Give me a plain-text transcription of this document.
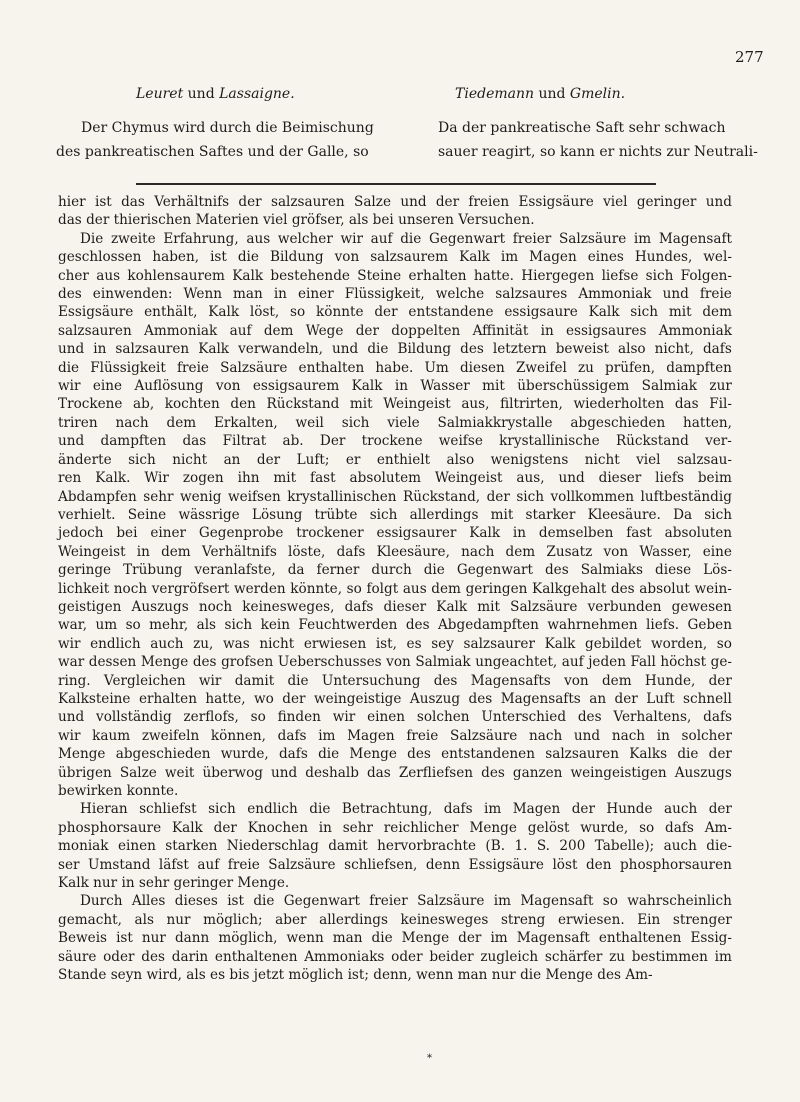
277
Leuret und Lassaigne.	Tiedemann und Gmelin.
Der Chymus wird durch die Beimischung
des pankreatischen Saftes und der Galle, so
Da der pankreatische Saft sehr schwach
sauer reagirt, so kann er nichts zur Neutrali-
hier ist das Verhältnifs der salzsauren Salze und der freien Essigsäure viel geringer und
das der thierischen Materien viel gröfser, als bei unseren Versuchen.
Die zweite Erfahrung, aus welcher wir auf die Gegenwart freier Salzsäure im Magensaft
geschlossen haben, ist die Bildung von salzsaurem Kalk im Magen eines Hundes, wel-
cher aus kohlensaurem Kalk bestehende Steine erhalten hatte. Hiergegen liefse sich Folgen-
des einwenden: Wenn man in einer Flüssigkeit, welche salzsaures Ammoniak und freie
Essigsäure enthält, Kalk löst, so könnte der entstandene essigsaure Kalk sich mit dem
salzsauren Ammoniak auf dem Wege der doppelten Affinität in essigsaures Ammoniak
und in salzsauren Kalk verwandeln, und die Bildung des letztern beweist also nicht, dafs
die Flüssigkeit freie Salzsäure enthalten habe. Um diesen Zweifel zu prüfen, dampften
wir eine Auflösung von essigsaurem Kalk in Wasser mit überschüssigem Salmiak zur
Trockene ab, kochten den Rückstand mit Weingeist aus, filtrirten, wiederholten das Fil-
triren nach dem Erkalten, weil sich viele Salmiakkrystalle abgeschieden hatten,
und dampften das Filtrat ab. Der trockene weifse krystallinische Rückstand ver-
änderte sich nicht an der Luft; er enthielt also wenigstens nicht viel salzsau-
ren Kalk. Wir zogen ihn mit fast absolutem Weingeist aus, und dieser liefs beim
Abdampfen sehr wenig weifsen krystallinischen Rückstand, der sich vollkommen luftbeständig
verhielt. Seine wässrige Lösung trübte sich allerdings mit starker Kleesäure. Da sich
jedoch bei einer Gegenprobe trockener essigsaurer Kalk in demselben fast absoluten
Weingeist in dem Verhältnifs löste, dafs Kleesäure, nach dem Zusatz von Wasser, eine
geringe Trübung veranlafste, da ferner durch die Gegenwart des Salmiaks diese Lös-
lichkeit noch vergröfsert werden könnte, so folgt aus dem geringen Kalkgehalt des absolut wein-
geistigen Auszugs noch keinesweges, dafs dieser Kalk mit Salzsäure verbunden gewesen
war, um so mehr, als sich kein Feuchtwerden des Abgedampften wahrnehmen liefs. Geben
wir endlich auch zu, was nicht erwiesen ist, es sey salzsaurer Kalk gebildet worden, so
war dessen Menge des grofsen Ueberschusses von Salmiak ungeachtet, auf jeden Fall höchst ge-
ring. Vergleichen wir damit die Untersuchung des Magensafts von dem Hunde, der
Kalksteine erhalten hatte, wo der weingeistige Auszug des Magensafts an der Luft schnell
und vollständig zerflofs, so finden wir einen solchen Unterschied des Verhaltens, dafs
wir kaum zweifeln können, dafs im Magen freie Salzsäure nach und nach in solcher
Menge abgeschieden wurde, dafs die Menge des entstandenen salzsauren Kalks die der
übrigen Salze weit überwog und deshalb das Zerfliefsen des ganzen weingeistigen Auszugs
bewirken konnte.
Hieran schliefst sich endlich die Betrachtung, dafs im Magen der Hunde auch der
phosphorsaure Kalk der Knochen in sehr reichlicher Menge gelöst wurde, so dafs Am-
moniak einen starken Niederschlag damit hervorbrachte (B. 1. S. 200 Tabelle); auch die-
ser Umstand läfst auf freie Salzsäure schliefsen, denn Essigsäure löst den phosphorsauren
Kalk nur in sehr geringer Menge.
Durch Alles dieses ist die Gegenwart freier Salzsäure im Magensaft so wahrscheinlich
gemacht, als nur möglich; aber allerdings keinesweges streng erwiesen. Ein strenger
Beweis ist nur dann möglich, wenn man die Menge der im Magensaft enthaltenen Essig-
säure oder des darin enthaltenen Ammoniaks oder beider zugleich schärfer zu bestimmen im
Stande seyn wird, als es bis jetzt möglich ist; denn, wenn man nur die Menge des Am-
*
